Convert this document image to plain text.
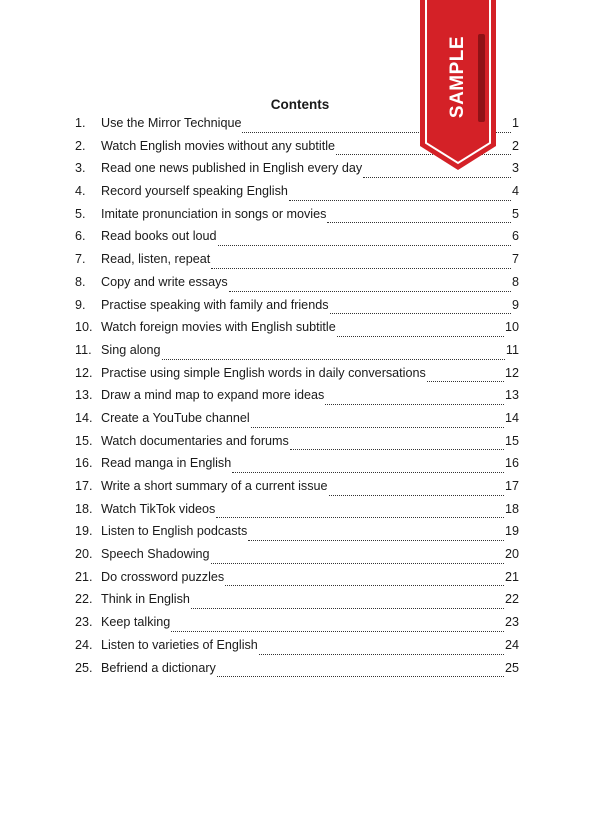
Contents
1.	Use the Mirror Technique	1
2.	Watch English movies without any subtitle	2
3.	Read one news published in English every day	3
4.	Record yourself speaking English	4
5.	Imitate pronunciation in songs or movies	5
6.	Read books out loud	6
7.	Read, listen, repeat	7
8.	Copy and write essays	8
9.	Practise speaking with family and friends	9
10. Watch foreign movies with English subtitle	10
11. Sing along	11
12. Practise using simple English words in daily conversations	12
13. Draw a mind map to expand more ideas	13
14. Create a YouTube channel	14
15. Watch documentaries and forums	15
16. Read manga in English	16
17. Write a short summary of a current issue	17
18. Watch TikTok videos	18
19. Listen to English podcasts	19
20. Speech Shadowing	20
21. Do crossword puzzles	21
22. Think in English	22
23. Keep talking	23
24. Listen to varieties of English	24
25. Befriend a dictionary	25
SAMPLE
